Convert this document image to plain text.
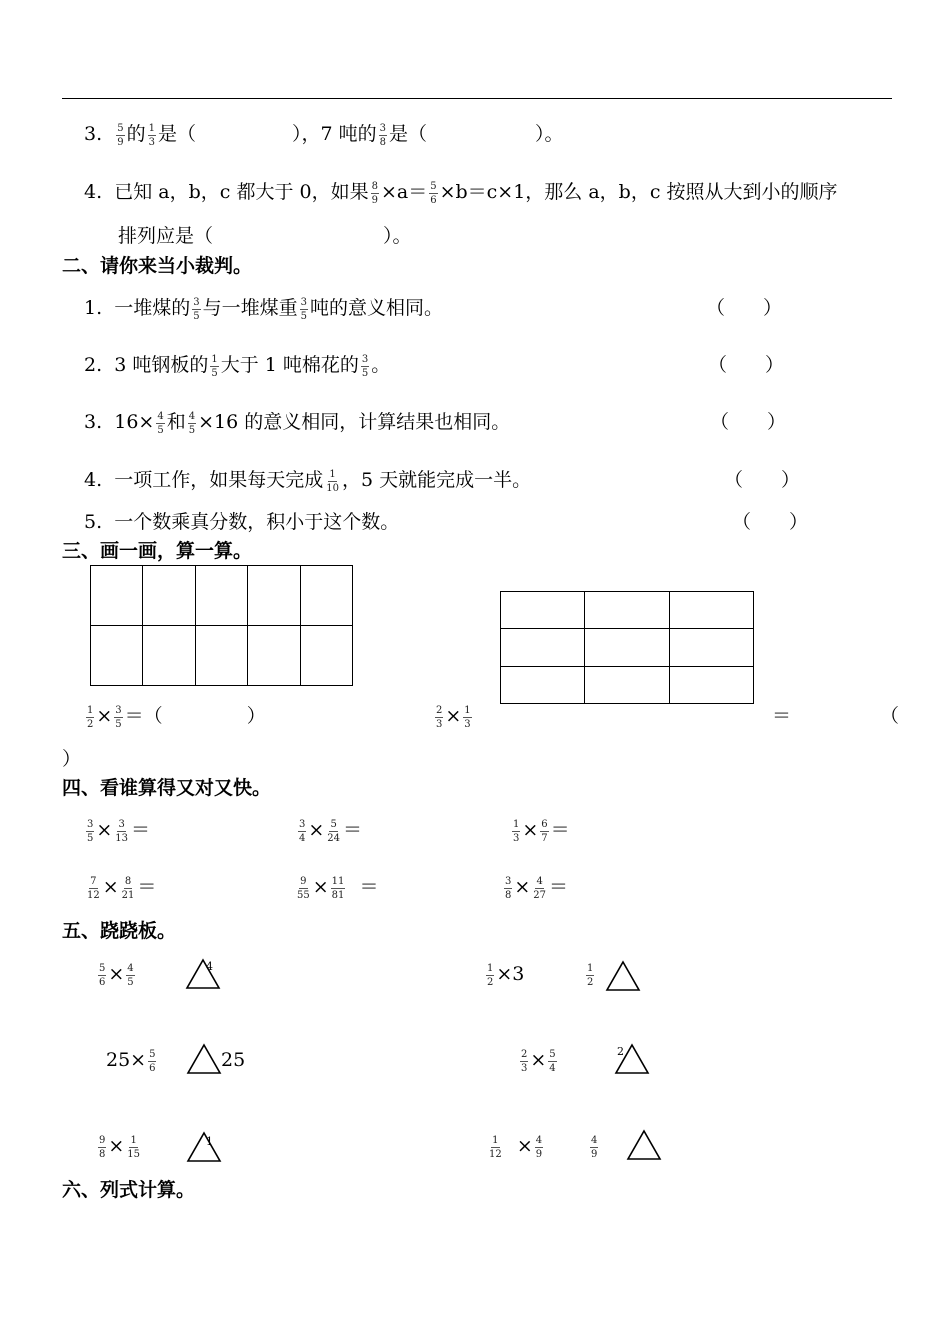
3. $\frac{5}{9}$ 的 $\frac{1}{3}$ 是（	），7 吨的 $\frac{3}{8}$ 是（	）。
4. 已知 a，b，c 都大于 0，如果 $\frac{8}{9} \times a= \frac{5}{6} \times b=c\times 1$，那么 a，b，c 按照从大到小的顺序
排列应是（	）。
二、请你来当小裁判。
1. 一堆煤的 $\frac{3}{5}$ 与一堆煤重 $\frac{3}{5}$ 吨的意义相同。	（　　）
2. 3 吨钢板的 $\frac{1}{5}$ 大于 1 吨棉花的 $\frac{3}{5}$ 。	（　　）
3. $16\times \frac{4}{5}$ 和 $\frac{4}{5} \times 16$ 的意义相同，计算结果也相同。	（　　）
4. 一项工作，如果每天完成 $\frac{1}{10}$ ，5 天就能完成一半。	（　　）
5. 一个数乘真分数，积小于这个数。	（　　）
三、画一画，算一算。

$\frac{1}{2} \times \frac{3}{5}$ ＝（	）	$\frac{2}{3} \times \frac{1}{3}$	＝	（
）
四、看谁算得又对又快。
$\frac{3}{5} \times \frac{3}{13}$ ＝	$\frac{3}{4} \times \frac{5}{24}$ ＝	$\frac{1}{3} \times \frac{6}{7}$ ＝
$\frac{7}{12} \times \frac{8}{21}$ ＝	$\frac{9}{55} \times \frac{11}{81}$ ＝	$\frac{3}{8} \times \frac{4}{27}$ ＝
五、跷跷板。
$\frac{5}{6} \times \frac{4}{5}$	4	$\frac{1}{2} \times 3$	$\frac{1}{2}$
$25\times \frac{5}{6}$	25	$\frac{2}{3} \times \frac{5}{4}$	2
$\frac{9}{8} \times \frac{1}{15}$	1	$\frac{1}{12} \times \frac{4}{9}$	$\frac{4}{9}$
六、列式计算。
